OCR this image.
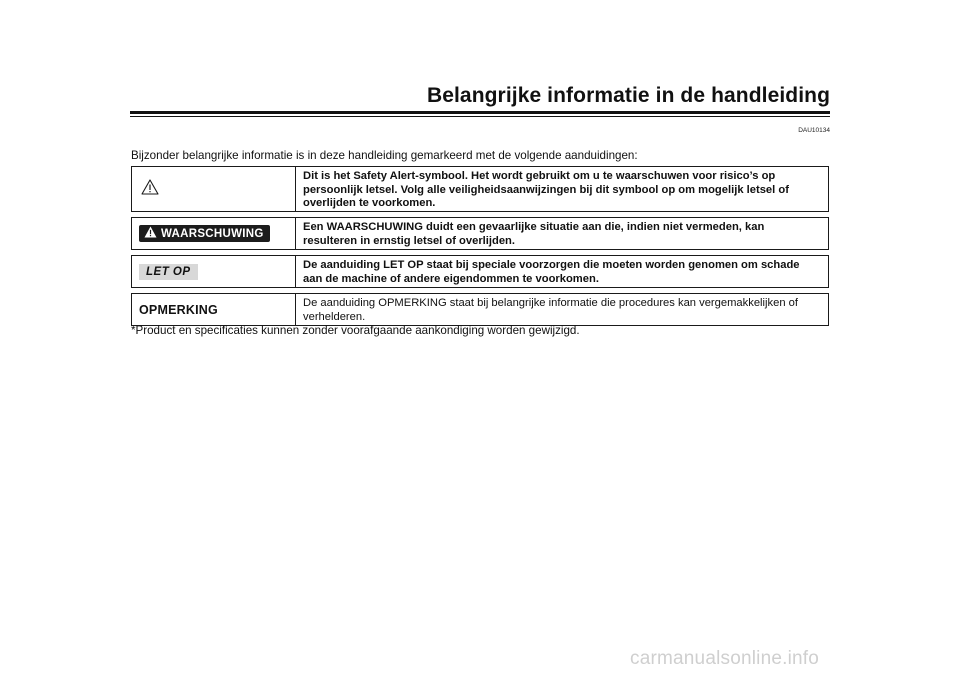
Belangrijke informatie in de handleiding
DAU10134
Bijzonder belangrijke informatie is in deze handleiding gemarkeerd met de volgende aanduidingen:
Dit is het Safety Alert-symbool. Het wordt gebruikt om u te waarschuwen voor risico’s op persoonlijk letsel. Volg alle veiligheidsaanwijzingen bij dit symbool op om mogelijk letsel of overlijden te voorkomen.
WAARSCHUWING
Een WAARSCHUWING duidt een gevaarlijke situatie aan die, indien niet vermeden, kan resulteren in ernstig letsel of overlijden.
LET OP
De aanduiding LET OP staat bij speciale voorzorgen die moeten worden genomen om schade aan de machine of andere eigendommen te voorkomen.
OPMERKING	De aanduiding OPMERKING staat bij belangrijke informatie die procedures kan vergemakkelijken of verhelderen.
*Product en specificaties kunnen zonder voorafgaande aankondiging worden gewijzigd.
carmanualsonline.info
